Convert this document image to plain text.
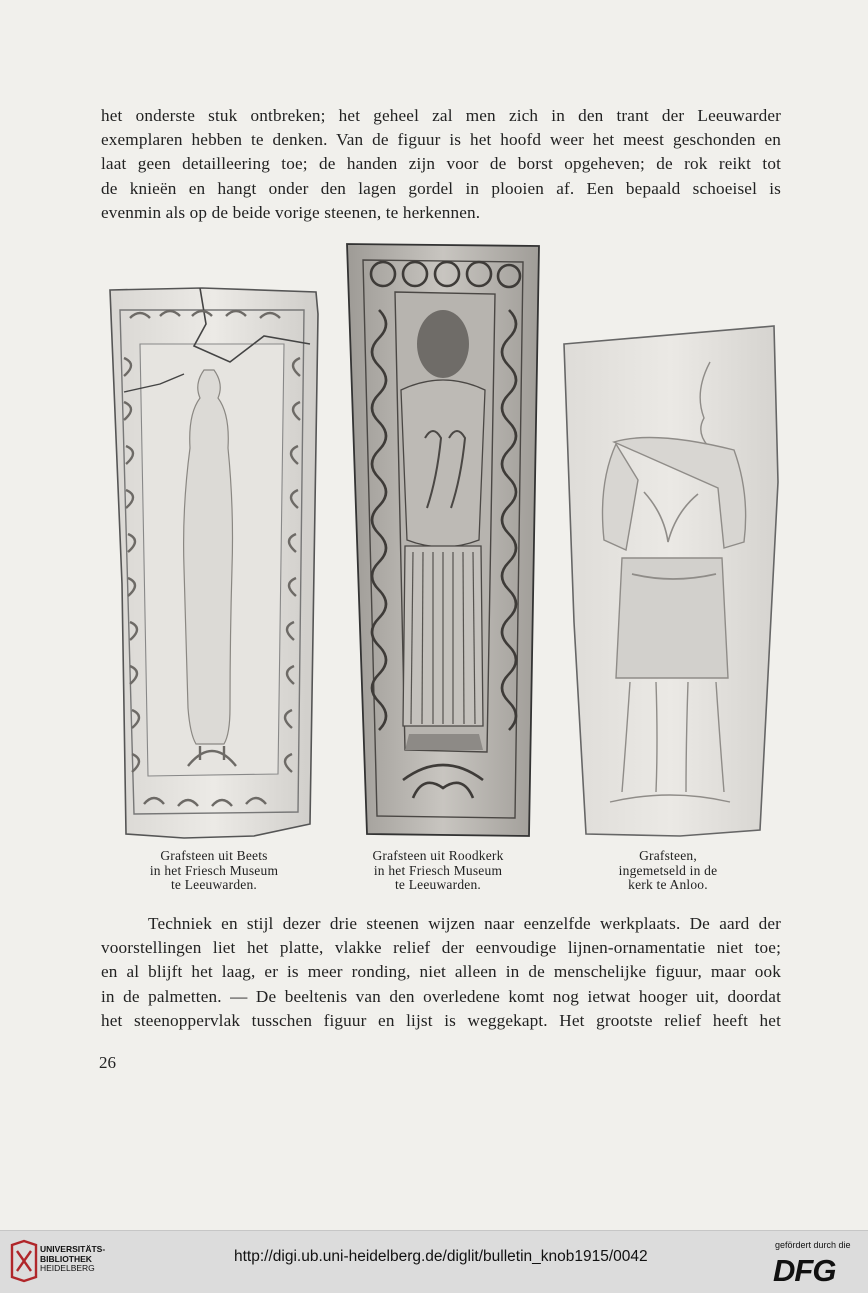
het onderste stuk ontbreken; het geheel zal men zich in den trant der Leeuwarder
exemplaren hebben te denken. Van de figuur is het hoofd weer het meest geschonden en
laat geen detailleering toe; de handen zijn voor de borst opgeheven; de rok reikt tot
de knieën en hangt onder den lagen gordel in plooien af. Een bepaald schoeisel is
evenmin als op de beide vorige steenen, te herkennen.
Grafsteen uit Beets
in het Friesch Museum
te Leeuwarden.
Grafsteen uit Roodkerk
in het Friesch Museum
te Leeuwarden.
Grafsteen,
ingemetseld in de
kerk te Anloo.
Techniek en stijl dezer drie steenen wijzen naar eenzelfde werkplaats. De aard der
voorstellingen liet het platte, vlakke relief der eenvoudige lijnen-ornamentatie niet toe;
en al blijft het laag, er is meer ronding, niet alleen in de menschelijke figuur, maar ook
in de palmetten. — De beeltenis van den overledene komt nog ietwat hooger uit, doordat
het steenoppervlak tusschen figuur en lijst is weggekapt. Het grootste relief heeft het
26
UNIVERSITÄTS-
BIBLIOTHEK
HEIDELBERG
http://digi.ub.uni-heidelberg.de/diglit/bulletin_knob1915/0042
gefördert durch die
DFG
